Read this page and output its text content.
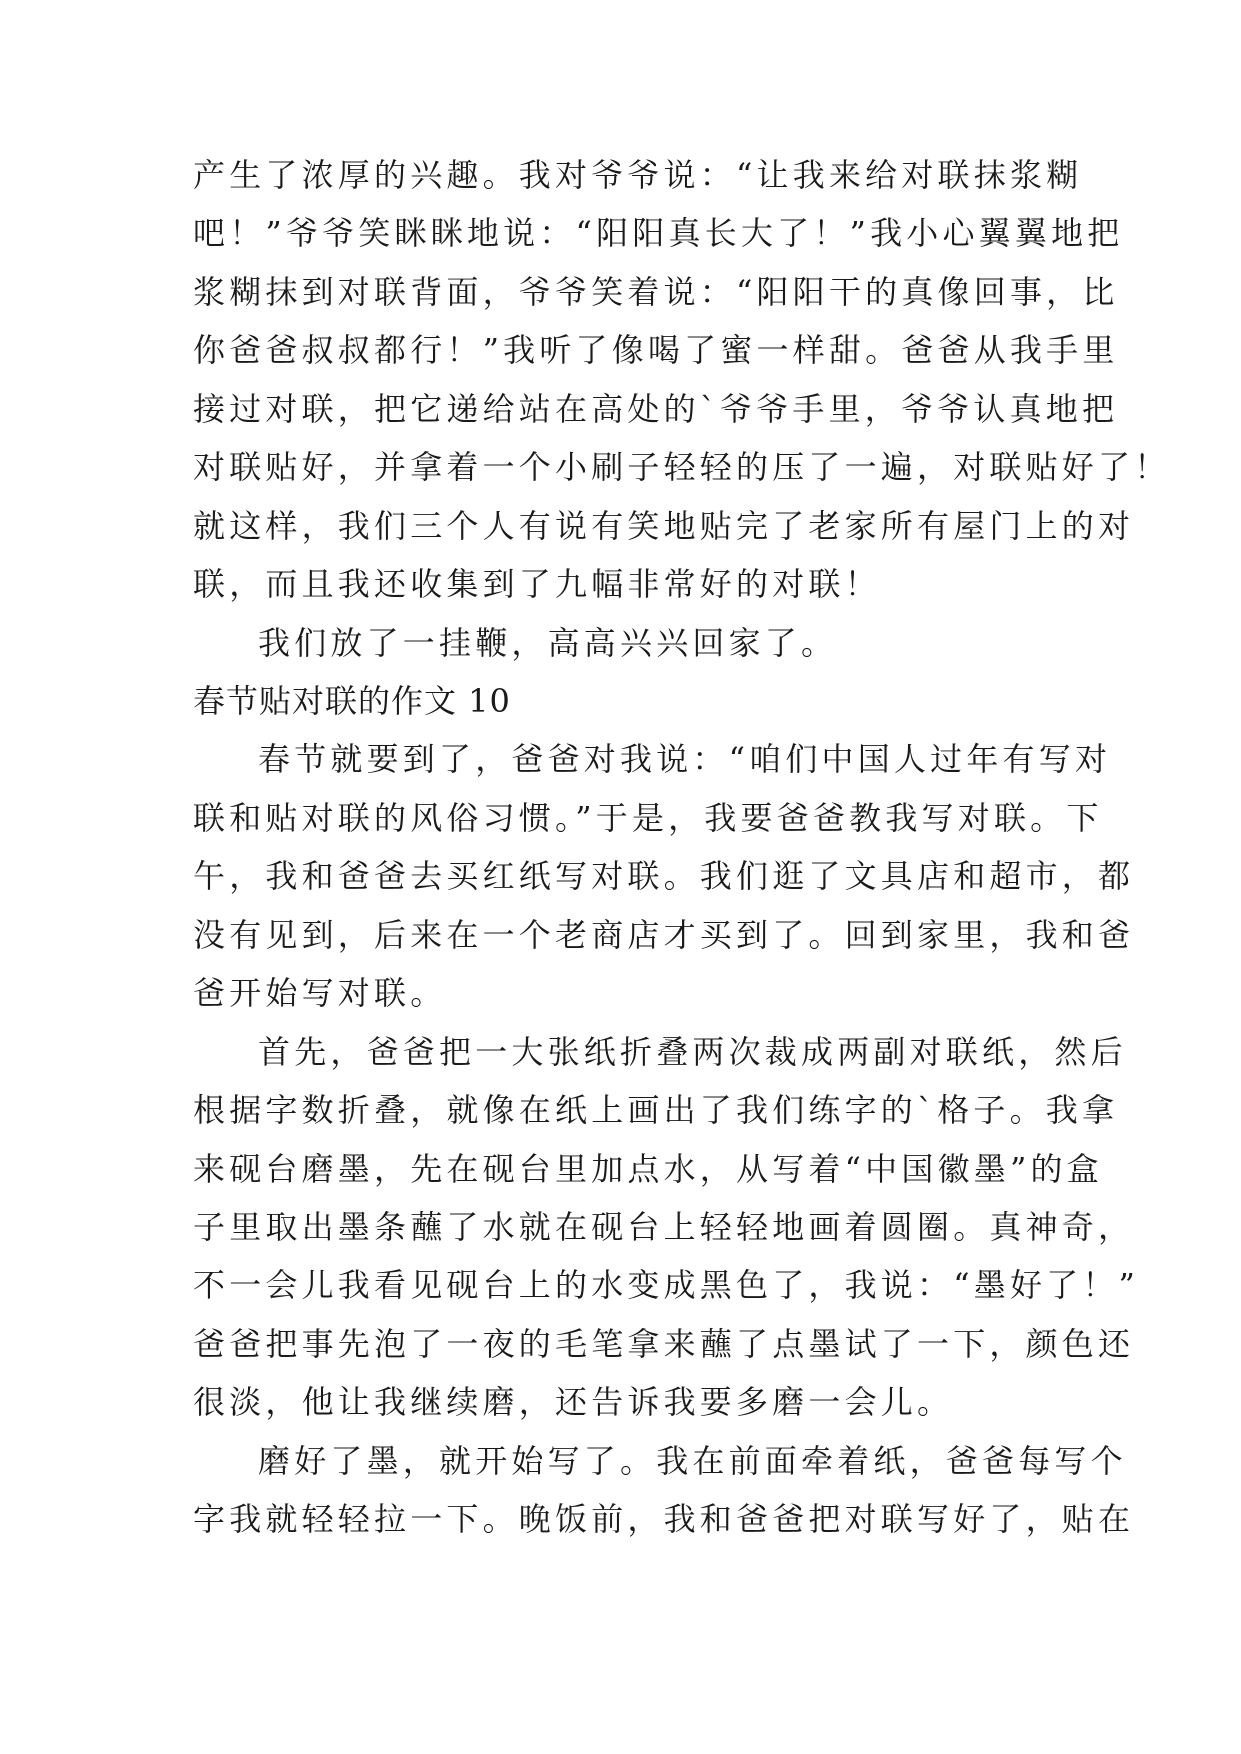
产生了浓厚的兴趣。我对爷爷说：“让我来给对联抹浆糊
吧！”爷爷笑眯眯地说：“阳阳真长大了！”我小心翼翼地把
浆糊抹到对联背面，爷爷笑着说：“阳阳干的真像回事，比
你爸爸叔叔都行！”我听了像喝了蜜一样甜。爸爸从我手里
接过对联，把它递给站在高处的`爷爷手里，爷爷认真地把
对联贴好，并拿着一个小刷子轻轻的压了一遍，对联贴好了！
就这样，我们三个人有说有笑地贴完了老家所有屋门上的对
联，而且我还收集到了九幅非常好的对联！
我们放了一挂鞭，高高兴兴回家了。
春节贴对联的作文 10
春节就要到了，爸爸对我说：“咱们中国人过年有写对
联和贴对联的风俗习惯。”于是，我要爸爸教我写对联。下
午，我和爸爸去买红纸写对联。我们逛了文具店和超市，都
没有见到，后来在一个老商店才买到了。回到家里，我和爸
爸开始写对联。
首先，爸爸把一大张纸折叠两次裁成两副对联纸，然后
根据字数折叠，就像在纸上画出了我们练字的`格子。我拿
来砚台磨墨，先在砚台里加点水，从写着“中国徽墨”的盒
子里取出墨条蘸了水就在砚台上轻轻地画着圆圈。真神奇，
不一会儿我看见砚台上的水变成黑色了，我说：“墨好了！”
爸爸把事先泡了一夜的毛笔拿来蘸了点墨试了一下，颜色还
很淡，他让我继续磨，还告诉我要多磨一会儿。
磨好了墨，就开始写了。我在前面牵着纸，爸爸每写个
字我就轻轻拉一下。晚饭前，我和爸爸把对联写好了，贴在
